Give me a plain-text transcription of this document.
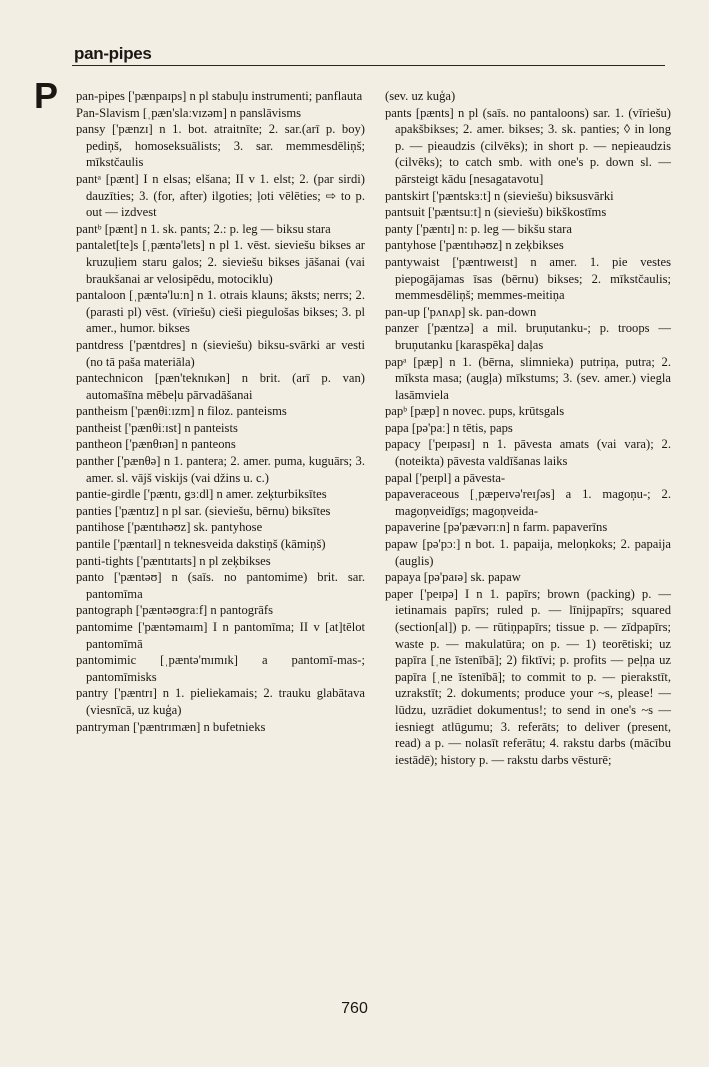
pan-pipes
P pan-pipes ['pænpaɪps] n pl stabuļu instrumenti; panflauta

Pan-Slavism [ˌpæn'slaːvɪzəm] n panslāvisms

pansy ['pænzɪ] n 1. bot. atraitnīte; 2. sar.(arī p. boy) pediņš, homoseksuālists; 3. sar. memmesdēliņš; mīkstčaulis

pantᵃ [pænt] I n elsas; elšana; II v 1. elst; 2. (par sirdi) dauzīties; 3. (for, after) ilgoties; ļoti vēlēties; ⇨ to p. out — izdvest

pantᵇ [pænt] n 1. sk. pants; 2.: p. leg — biksu stara

pantalet[te]s [ˌpæntə'lets] n pl 1. vēst. sieviešu bikses ar kruzuļiem staru galos; 2. sieviešu bikses jāšanai (vai braukšanai ar velosipēdu, motociklu)

pantaloon [ˌpæntə'luːn] n 1. otrais klauns; āksts; nerrs; 2. (parasti pl) vēst. (vīriešu) cieši piegulošas bikses; 3. pl amer., humor. bikses

pantdress ['pæntdres] n (sieviešu) biksu-svārki ar vesti (no tā paša materiāla)

pantechnicon [pæn'teknɪkən] n brit. (arī p. van) automašīna mēbeļu pārvadāšanai

pantheism ['pænθiːɪzm] n filoz. panteisms

pantheist ['pænθiːɪst] n panteists

pantheon ['pænθɪən] n panteons

panther ['pænθə] n 1. pantera; 2. amer. puma, kuguārs; 3. amer. sl. vājš viskijs (vai džins u. c.)

pantie-girdle ['pæntɪ, gɜːdl] n amer. zeķturbiksītes

panties ['pæntɪz] n pl sar. (sieviešu, bērnu) biksītes

pantihose ['pæntɪhəʊz] sk. pantyhose

pantile ['pæntaɪl] n teknesveida dakstiņš (kāmiņš)

panti-tights ['pæntɪtaɪts] n pl zeķbikses

panto ['pæntəʊ] n (saīs. no pantomime) brit. sar. pantomīma

pantograph ['pæntəʊgraːf] n pantogrāfs

pantomime ['pæntəmaɪm] I n pantomīma; II v [at]tēlot pantomīmā

pantomimic [ˌpæntə'mɪmɪk] a pantomī-mas-; pantomīmisks

pantry ['pæntrɪ] n 1. pieliekamais; 2. trauku glabātava (viesnīcā, uz kuģa)

pantryman ['pæntrɪmæn] n bufetnieks

(sev. uz kuģa)

pants [pænts] n pl (saīs. no pantaloons) sar. 1. (vīriešu) apakšbikses; 2. amer. bikses; 3. sk. panties; ◊ in long p. — pieaudzis (cilvēks); in short p. — nepieaudzis (cilvēks); to catch smb. with one's p. down sl. — pārsteigt kādu [nesagatavotu]

pantskirt ['pæntskɜːt] n (sieviešu) biksusvārki

pantsuit ['pæntsuːt] n (sieviešu) bikškostīms

panty ['pæntɪ] n: p. leg — bikšu stara

pantyhose ['pæntɪhəʊz] n zeķbikses

pantywaist ['pæntɪweɪst] n amer. 1. pie vestes piepogājamas īsas (bērnu) bikses; 2. mīkstčaulis; memmesdēliņš; memmes-meitiņa

pan-up ['pʌnʌp] sk. pan-down

panzer ['pæntzə] a mil. bruņutanku-; p. troops — bruņutanku [karaspēka] daļas

papᵃ [pæp] n 1. (bērna, slimnieka) putriņa, putra; 2. mīksta masa; (augļa) mīkstums; 3. (sev. amer.) viegla lasāmviela

papᵇ [pæp] n novec. pups, krūtsgals

papa [pə'paː] n tētis, paps

papacy ['peɪpəsɪ] n 1. pāvesta amats (vai vara); 2. (noteikta) pāvesta valdīšanas laiks

papal ['peɪpl] a pāvesta-

papaveraceous [ˌpæpeɪvə'reɪʃəs] a 1. magoņu-; 2. magoņveidīgs; magoņveida-

papaverine [pə'pævərɪːn] n farm. papaverīns

papaw [pə'pɔː] n bot. 1. papaija, meloņkoks; 2. papaija (auglis)

papaya [pə'paɪə] sk. papaw

paper ['peɪpə] I n 1. papīrs; brown (packing) p. — ietinamais papīrs; ruled p. — līnijpapīrs; squared (section[al]) p. — rūtiņpapīrs; tissue p. — zīdpapīrs; waste p. — makulatūra; on p. — 1) teorētiski; uz papīra [ˌne īstenībā]; 2) fiktīvi; p. profits — peļņa uz papīra [ˌne īstenībā]; to commit to p. — pierakstīt, uzrakstīt; 2. dokuments; produce your ~s, please! — lūdzu, uzrādiet dokumentus!; to send in one's ~s — iesniegt atlūgumu; 3. referāts; to deliver (present, read) a p. — nolasīt referātu; 4. rakstu darbs (mācību iestādē); history p. — rakstu darbs vēsturē;

760
